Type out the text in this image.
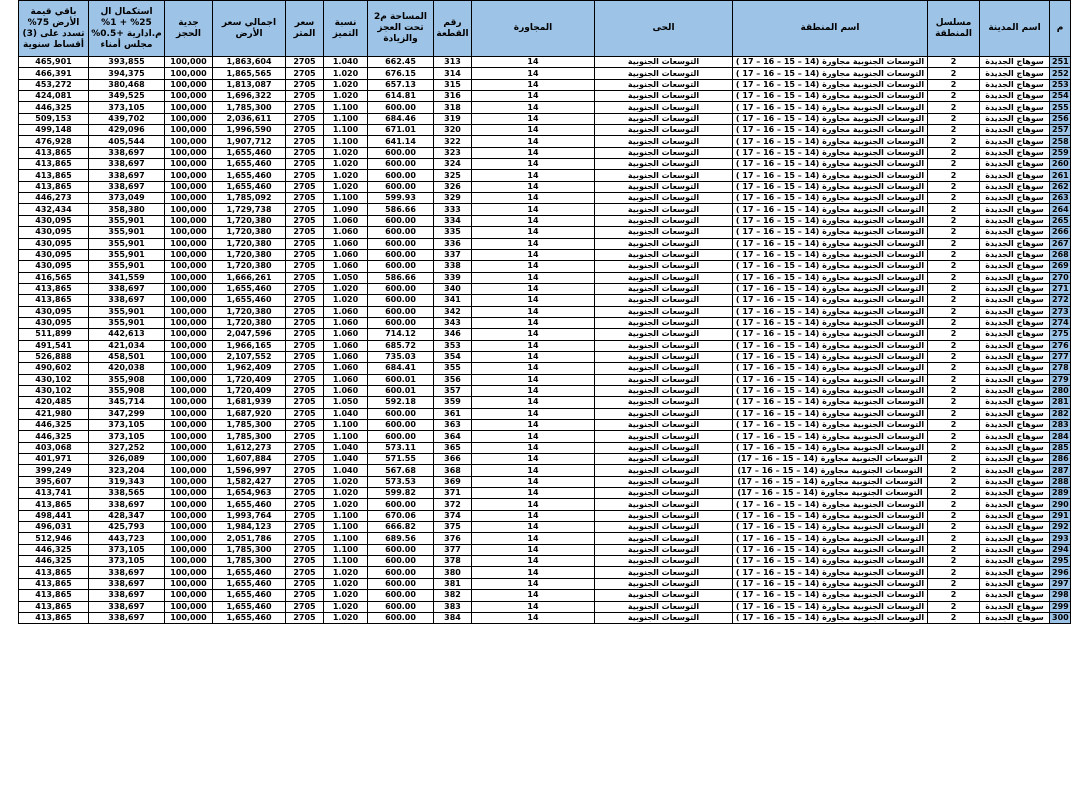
باقي قيمة الأرض 75% تسدد على (3) أقساط سنوية	استكمال ال 25% + 1% م.ادارية +0.5% مجلس أمناء	جدية الحجز	اجمالي سعر الأرض	سعر المتر	نسبة التميز	المساحة م2 تحت العجز والزيادة	رقم القطعة	المجاورة	الحى	اسم المنطقة	مسلسل المنطقة	اسم المدينة	م
465,901	393,855	100,000	1,863,604	2705	1.040	662.45	313	14	التوسعات الجنوبية	التوسعات الجنوبية مجاورة (14 – 15 – 16 – 17 )	2	سوهاج الجديدة	251
466,391	394,375	100,000	1,865,565	2705	1.020	676.15	314	14	التوسعات الجنوبية	التوسعات الجنوبية مجاورة (14 – 15 – 16 – 17 )	2	سوهاج الجديدة	252
453,272	380,468	100,000	1,813,087	2705	1.020	657.13	315	14	التوسعات الجنوبية	التوسعات الجنوبية مجاورة (14 – 15 – 16 – 17 )	2	سوهاج الجديدة	253
424,081	349,525	100,000	1,696,322	2705	1.020	614.81	316	14	التوسعات الجنوبية	التوسعات الجنوبية مجاورة (14 – 15 – 16 – 17 )	2	سوهاج الجديدة	254
446,325	373,105	100,000	1,785,300	2705	1.100	600.00	318	14	التوسعات الجنوبية	التوسعات الجنوبية مجاورة (14 – 15 – 16 – 17 )	2	سوهاج الجديدة	255
509,153	439,702	100,000	2,036,611	2705	1.100	684.46	319	14	التوسعات الجنوبية	التوسعات الجنوبية مجاورة (14 – 15 – 16 – 17 )	2	سوهاج الجديدة	256
499,148	429,096	100,000	1,996,590	2705	1.100	671.01	320	14	التوسعات الجنوبية	التوسعات الجنوبية مجاورة (14 – 15 – 16 – 17 )	2	سوهاج الجديدة	257
476,928	405,544	100,000	1,907,712	2705	1.100	641.14	322	14	التوسعات الجنوبية	التوسعات الجنوبية مجاورة (14 – 15 – 16 – 17 )	2	سوهاج الجديدة	258
413,865	338,697	100,000	1,655,460	2705	1.020	600.00	323	14	التوسعات الجنوبية	التوسعات الجنوبية مجاورة (14 – 15 – 16 – 17 )	2	سوهاج الجديدة	259
413,865	338,697	100,000	1,655,460	2705	1.020	600.00	324	14	التوسعات الجنوبية	التوسعات الجنوبية مجاورة (14 – 15 – 16 – 17 )	2	سوهاج الجديدة	260
413,865	338,697	100,000	1,655,460	2705	1.020	600.00	325	14	التوسعات الجنوبية	التوسعات الجنوبية مجاورة (14 – 15 – 16 – 17 )	2	سوهاج الجديدة	261
413,865	338,697	100,000	1,655,460	2705	1.020	600.00	326	14	التوسعات الجنوبية	التوسعات الجنوبية مجاورة (14 – 15 – 16 – 17 )	2	سوهاج الجديدة	262
446,273	373,049	100,000	1,785,092	2705	1.100	599.93	329	14	التوسعات الجنوبية	التوسعات الجنوبية مجاورة (14 – 15 – 16 – 17 )	2	سوهاج الجديدة	263
432,434	358,380	100,000	1,729,738	2705	1.090	586.66	333	14	التوسعات الجنوبية	التوسعات الجنوبية مجاورة (14 – 15 – 16 – 17 )	2	سوهاج الجديدة	264
430,095	355,901	100,000	1,720,380	2705	1.060	600.00	334	14	التوسعات الجنوبية	التوسعات الجنوبية مجاورة (14 – 15 – 16 – 17 )	2	سوهاج الجديدة	265
430,095	355,901	100,000	1,720,380	2705	1.060	600.00	335	14	التوسعات الجنوبية	التوسعات الجنوبية مجاورة (14 – 15 – 16 – 17 )	2	سوهاج الجديدة	266
430,095	355,901	100,000	1,720,380	2705	1.060	600.00	336	14	التوسعات الجنوبية	التوسعات الجنوبية مجاورة (14 – 15 – 16 – 17 )	2	سوهاج الجديدة	267
430,095	355,901	100,000	1,720,380	2705	1.060	600.00	337	14	التوسعات الجنوبية	التوسعات الجنوبية مجاورة (14 – 15 – 16 – 17 )	2	سوهاج الجديدة	268
430,095	355,901	100,000	1,720,380	2705	1.060	600.00	338	14	التوسعات الجنوبية	التوسعات الجنوبية مجاورة (14 – 15 – 16 – 17 )	2	سوهاج الجديدة	269
416,565	341,559	100,000	1,666,261	2705	1.050	586.66	339	14	التوسعات الجنوبية	التوسعات الجنوبية مجاورة (14 – 15 – 16 – 17 )	2	سوهاج الجديدة	270
413,865	338,697	100,000	1,655,460	2705	1.020	600.00	340	14	التوسعات الجنوبية	التوسعات الجنوبية مجاورة (14 – 15 – 16 – 17 )	2	سوهاج الجديدة	271
413,865	338,697	100,000	1,655,460	2705	1.020	600.00	341	14	التوسعات الجنوبية	التوسعات الجنوبية مجاورة (14 – 15 – 16 – 17 )	2	سوهاج الجديدة	272
430,095	355,901	100,000	1,720,380	2705	1.060	600.00	342	14	التوسعات الجنوبية	التوسعات الجنوبية مجاورة (14 – 15 – 16 – 17 )	2	سوهاج الجديدة	273
430,095	355,901	100,000	1,720,380	2705	1.060	600.00	343	14	التوسعات الجنوبية	التوسعات الجنوبية مجاورة (14 – 15 – 16 – 17 )	2	سوهاج الجديدة	274
511,899	442,613	100,000	2,047,596	2705	1.060	714.12	346	14	التوسعات الجنوبية	التوسعات الجنوبية مجاورة (14 – 15 – 16 – 17 )	2	سوهاج الجديدة	275
491,541	421,034	100,000	1,966,165	2705	1.060	685.72	353	14	التوسعات الجنوبية	التوسعات الجنوبية مجاورة (14 – 15 – 16 – 17 )	2	سوهاج الجديدة	276
526,888	458,501	100,000	2,107,552	2705	1.060	735.03	354	14	التوسعات الجنوبية	التوسعات الجنوبية مجاورة (14 – 15 – 16 – 17 )	2	سوهاج الجديدة	277
490,602	420,038	100,000	1,962,409	2705	1.060	684.41	355	14	التوسعات الجنوبية	التوسعات الجنوبية مجاورة (14 – 15 – 16 – 17 )	2	سوهاج الجديدة	278
430,102	355,908	100,000	1,720,409	2705	1.060	600.01	356	14	التوسعات الجنوبية	التوسعات الجنوبية مجاورة (14 – 15 – 16 – 17 )	2	سوهاج الجديدة	279
430,102	355,908	100,000	1,720,409	2705	1.060	600.01	357	14	التوسعات الجنوبية	التوسعات الجنوبية مجاورة (14 – 15 – 16 – 17 )	2	سوهاج الجديدة	280
420,485	345,714	100,000	1,681,939	2705	1.050	592.18	359	14	التوسعات الجنوبية	التوسعات الجنوبية مجاورة (14 – 15 – 16 – 17 )	2	سوهاج الجديدة	281
421,980	347,299	100,000	1,687,920	2705	1.040	600.00	361	14	التوسعات الجنوبية	التوسعات الجنوبية مجاورة (14 – 15 – 16 – 17 )	2	سوهاج الجديدة	282
446,325	373,105	100,000	1,785,300	2705	1.100	600.00	363	14	التوسعات الجنوبية	التوسعات الجنوبية مجاورة (14 – 15 – 16 – 17 )	2	سوهاج الجديدة	283
446,325	373,105	100,000	1,785,300	2705	1.100	600.00	364	14	التوسعات الجنوبية	التوسعات الجنوبية مجاورة (14 – 15 – 16 – 17 )	2	سوهاج الجديدة	284
403,068	327,252	100,000	1,612,273	2705	1.040	573.11	365	14	التوسعات الجنوبية	التوسعات الجنوبية مجاورة (14 – 15 – 16 – 17 )	2	سوهاج الجديدة	285
401,971	326,089	100,000	1,607,884	2705	1.040	571.55	366	14	التوسعات الجنوبية	التوسعات الجنوبية مجاورة (14 – 15 – 16 – 17)	2	سوهاج الجديدة	286
399,249	323,204	100,000	1,596,997	2705	1.040	567.68	368	14	التوسعات الجنوبية	التوسعات الجنوبية مجاورة (14 – 15 – 16 – 17)	2	سوهاج الجديدة	287
395,607	319,343	100,000	1,582,427	2705	1.020	573.53	369	14	التوسعات الجنوبية	التوسعات الجنوبية مجاورة (14 – 15 – 16 – 17)	2	سوهاج الجديدة	288
413,741	338,565	100,000	1,654,963	2705	1.020	599.82	371	14	التوسعات الجنوبية	التوسعات الجنوبية مجاورة (14 – 15 – 16 – 17)	2	سوهاج الجديدة	289
413,865	338,697	100,000	1,655,460	2705	1.020	600.00	372	14	التوسعات الجنوبية	التوسعات الجنوبية مجاورة (14 – 15 – 16 – 17 )	2	سوهاج الجديدة	290
498,441	428,347	100,000	1,993,764	2705	1.100	670.06	374	14	التوسعات الجنوبية	التوسعات الجنوبية مجاورة (14 – 15 – 16 – 17 )	2	سوهاج الجديدة	291
496,031	425,793	100,000	1,984,123	2705	1.100	666.82	375	14	التوسعات الجنوبية	التوسعات الجنوبية مجاورة (14 – 15 – 16 – 17 )	2	سوهاج الجديدة	292
512,946	443,723	100,000	2,051,786	2705	1.100	689.56	376	14	التوسعات الجنوبية	التوسعات الجنوبية مجاورة (14 – 15 – 16 – 17 )	2	سوهاج الجديدة	293
446,325	373,105	100,000	1,785,300	2705	1.100	600.00	377	14	التوسعات الجنوبية	التوسعات الجنوبية مجاورة (14 – 15 – 16 – 17 )	2	سوهاج الجديدة	294
446,325	373,105	100,000	1,785,300	2705	1.100	600.00	378	14	التوسعات الجنوبية	التوسعات الجنوبية مجاورة (14 – 15 – 16 – 17 )	2	سوهاج الجديدة	295
413,865	338,697	100,000	1,655,460	2705	1.020	600.00	380	14	التوسعات الجنوبية	التوسعات الجنوبية مجاورة (14 – 15 – 16 – 17 )	2	سوهاج الجديدة	296
413,865	338,697	100,000	1,655,460	2705	1.020	600.00	381	14	التوسعات الجنوبية	التوسعات الجنوبية مجاورة (14 – 15 – 16 – 17 )	2	سوهاج الجديدة	297
413,865	338,697	100,000	1,655,460	2705	1.020	600.00	382	14	التوسعات الجنوبية	التوسعات الجنوبية مجاورة (14 – 15 – 16 – 17 )	2	سوهاج الجديدة	298
413,865	338,697	100,000	1,655,460	2705	1.020	600.00	383	14	التوسعات الجنوبية	التوسعات الجنوبية مجاورة (14 – 15 – 16 – 17 )	2	سوهاج الجديدة	299
413,865	338,697	100,000	1,655,460	2705	1.020	600.00	384	14	التوسعات الجنوبية	التوسعات الجنوبية مجاورة (14 – 15 – 16 – 17 )	2	سوهاج الجديدة	300
